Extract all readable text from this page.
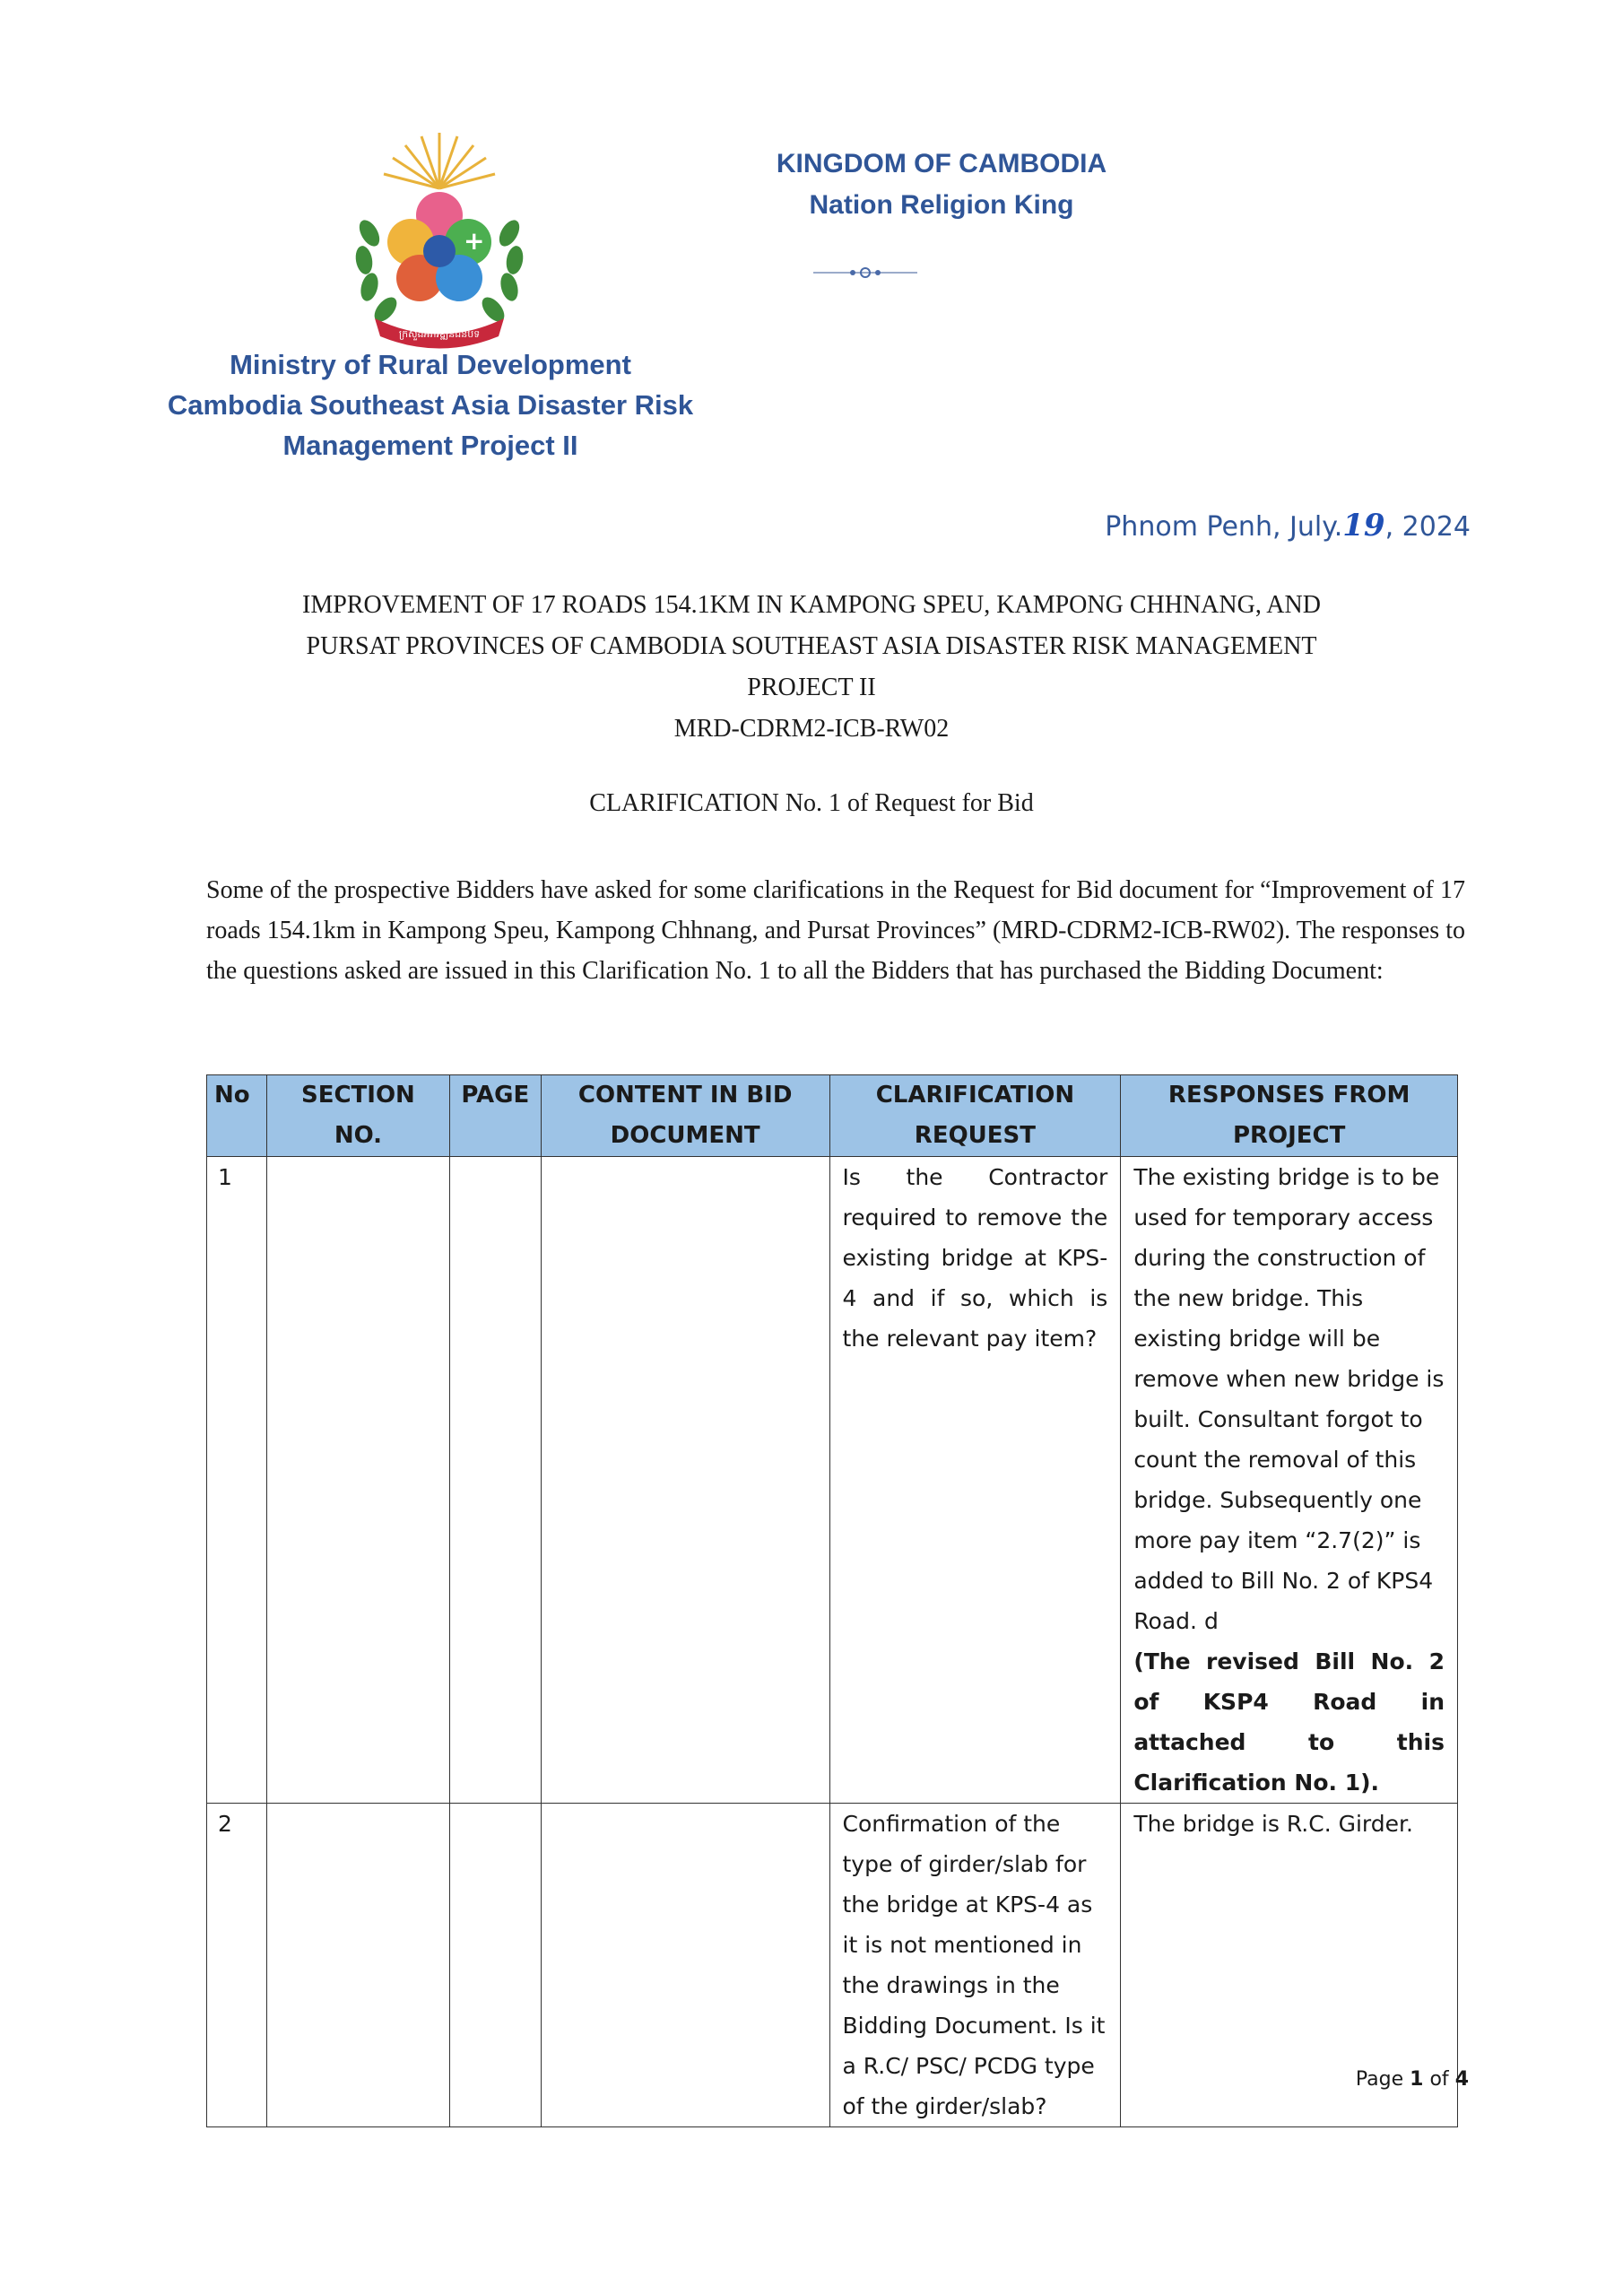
+
ក្រសួងអភិវឌ្ឍន៍ជនបទ
KINGDOM OF CAMBODIA
Nation Religion King
Ministry of Rural Development
Cambodia Southeast Asia Disaster Risk
Management Project II
Phnom Penh, July.19, 2024
IMPROVEMENT OF 17 ROADS 154.1KM IN KAMPONG SPEU, KAMPONG CHHNANG, AND
PURSAT PROVINCES OF CAMBODIA SOUTHEAST ASIA DISASTER RISK MANAGEMENT
PROJECT II
MRD-CDRM2-ICB-RW02
CLARIFICATION No. 1 of Request for Bid

Some of the prospective Bidders have asked for some clarifications in the Request for Bid document for “Improvement of 17 roads 154.1km in Kampong Speu, Kampong Chhnang, and Pursat Provinces” (MRD-CDRM2-ICB-RW02). The responses to the questions asked are issued in this Clarification No. 1 to all the Bidders that has purchased the Bidding Document:

No	SECTION NO.	PAGE	CONTENT IN BID DOCUMENT	CLARIFICATION REQUEST	RESPONSES FROM PROJECT
1				Is the Contractor required to remove the existing bridge at KPS-4 and if so, which is the relevant pay item?	The existing bridge is to be used for temporary access during the construction of the new bridge. This existing bridge will be remove when new bridge is built. Consultant forgot to count the removal of this bridge. Subsequently one more pay item “2.7(2)” is added to Bill No. 2 of KPS4 Road. d
(The revised Bill No. 2 of KSP4 Road in attached to this Clarification No. 1).

2				Confirmation of the type of girder/slab for the bridge at KPS-4 as it is not mentioned in the drawings in the Bidding Document. Is it a R.C/ PSC/ PCDG type of the girder/slab?	The bridge is R.C. Girder.
Page 1 of 4
